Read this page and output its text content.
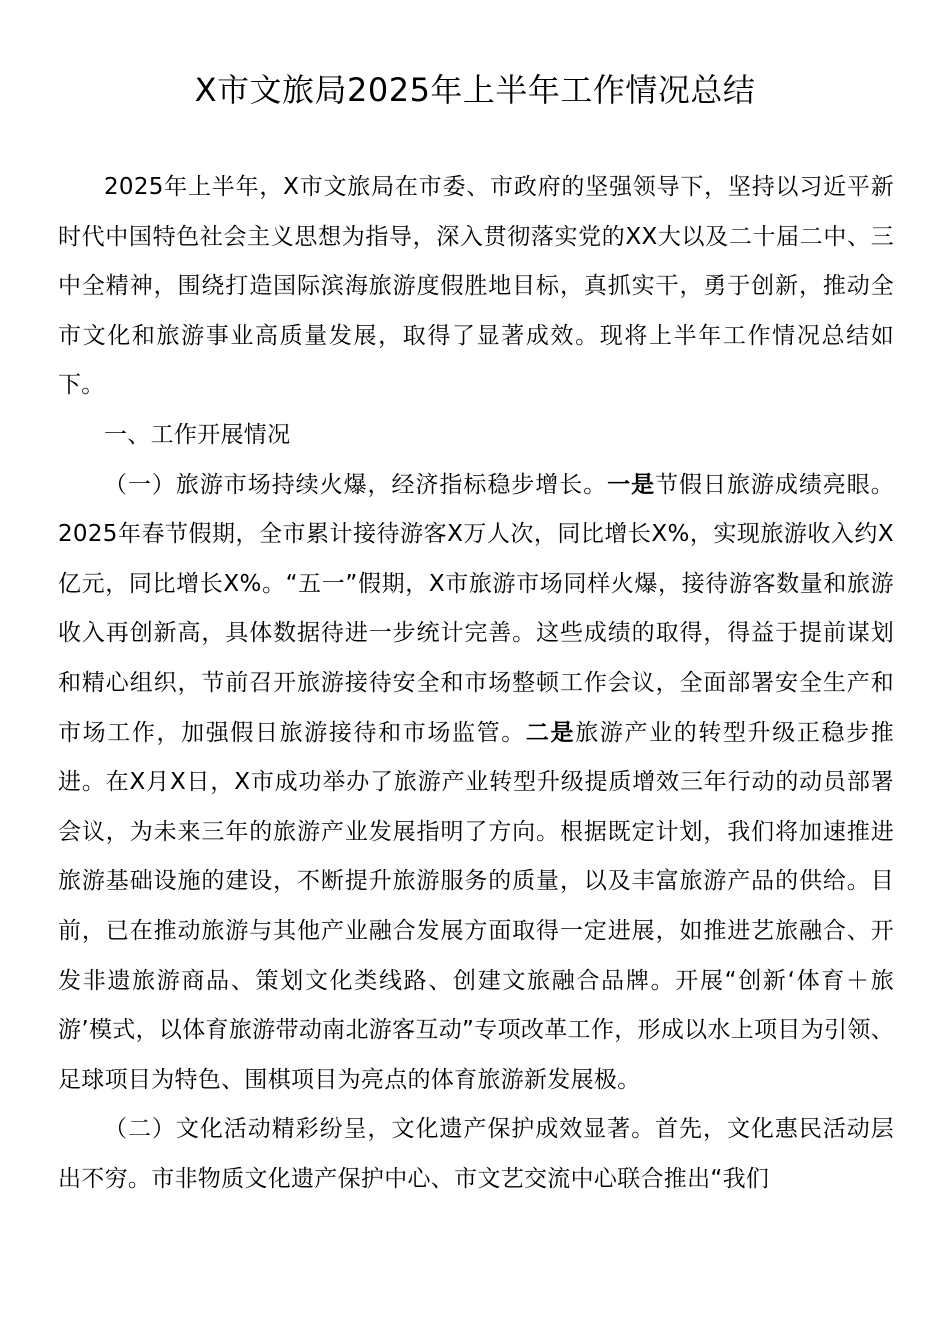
X市文旅局2025年上半年工作情况总结

2025年上半年，X市文旅局在市委、市政府的坚强领导下，坚持以习近平新时代中国特色社会主义思想为指导，深入贯彻落实党的XX大以及二十届二中、三中全精神，围绕打造国际滨海旅游度假胜地目标，真抓实干，勇于创新，推动全市文化和旅游事业高质量发展，取得了显著成效。现将上半年工作情况总结如下。

一、工作开展情况

（一）旅游市场持续火爆，经济指标稳步增长。一是节假日旅游成绩亮眼。2025年春节假期，全市累计接待游客X万人次，同比增长X%，实现旅游收入约X亿元，同比增长X%。“五一”假期，X市旅游市场同样火爆，接待游客数量和旅游收入再创新高，具体数据待进一步统计完善。这些成绩的取得，得益于提前谋划和精心组织，节前召开旅游接待安全和市场整顿工作会议，全面部署安全生产和市场工作，加强假日旅游接待和市场监管。二是旅游产业的转型升级正稳步推进。在X月X日，X市成功举办了旅游产业转型升级提质增效三年行动的动员部署会议，为未来三年的旅游产业发展指明了方向。根据既定计划，我们将加速推进旅游基础设施的建设，不断提升旅游服务的质量，以及丰富旅游产品的供给。目前，已在推动旅游与其他产业融合发展方面取得一定进展，如推进艺旅融合、开发非遗旅游商品、策划文化类线路、创建文旅融合品牌。开展“创新‘体育＋旅游’模式，以体育旅游带动南北游客互动”专项改革工作，形成以水上项目为引领、足球项目为特色、围棋项目为亮点的体育旅游新发展极。

（二）文化活动精彩纷呈，文化遗产保护成效显著。首先，文化惠民活动层出不穷。市非物质文化遗产保护中心、市文艺交流中心联合推出“我们
